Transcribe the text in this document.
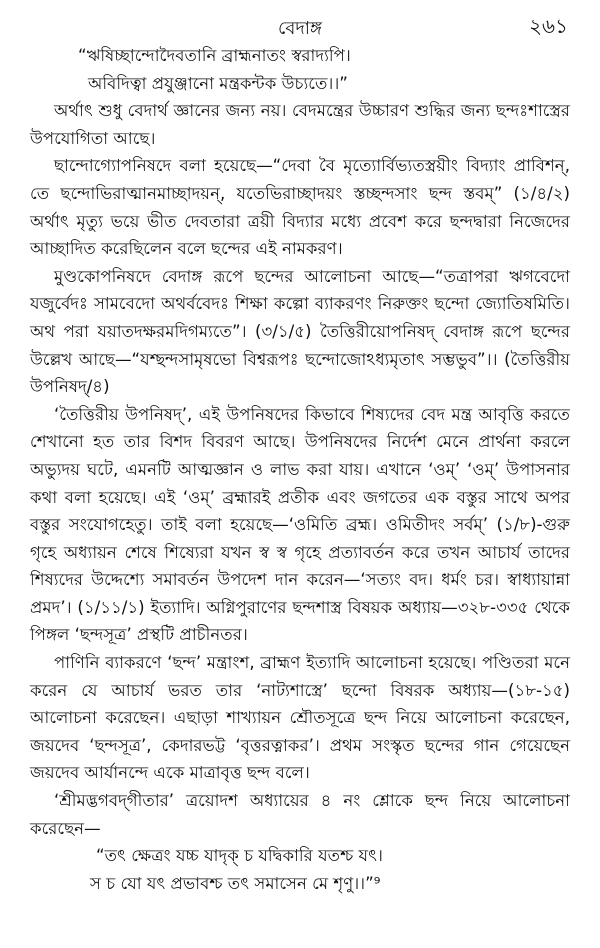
বেদাঙ্গ	২৬১

“ঋষিচ্ছান্দোদৈবতানি ব্রাহ্মনাতং স্বরাদ্যপি।

অবিদিত্বা প্রযুঞ্জানো মন্ত্রকন্টক উচ্যতে।।”

অর্থাৎ শুধু বেদার্থ জ্ঞানের জন্য নয়। বেদমন্ত্রের উচ্চারণ শুদ্ধির জন্য ছন্দঃশাস্ত্রের উপযোগিতা আছে।

ছান্দোগ্যোপনিষদে বলা হয়েছে—“দেবা বৈ মৃত্যোর্বিভ্যতস্ত্রয়ীং বিদ্যাং প্রাবিশন্‌, তে ছন্দোভিরাত্মানমাচ্ছাদয়ন্‌, যতেভিরাচ্ছাদয়ং স্তচ্ছন্দসাং ছন্দ স্তবম্” (১/৪/২) অর্থাৎ মৃত্যু ভয়ে ভীত দেবতারা ত্রয়ী বিদ্যার মধ্যে প্রবেশ করে ছন্দদ্বারা নিজেদের আচ্ছাদিত করেছিলেন বলে ছন্দের এই নামকরণ।

মুণ্ডকোপনিষদে বেদাঙ্গ রূপে ছন্দের আলোচনা আছে—“তত্রাপরা ঋগবেদো যজুর্বেদঃ সামবেদো অথর্ববেদঃ শিক্ষা কল্পো ব্যাকরণং নিরুক্তং ছন্দো জ্যোতিষমিতি। অথ পরা যয়াতদক্ষরমদিগম্যতে”। (৩/১/৫) তৈত্তিরীয়োপনিষদ্‌ বেদাঙ্গ রূপে ছন্দের উল্লেখ আছে—“যশ্ছন্দসামৃষভো বিশ্বরূপঃ ছন্দোজোঽধ্যমৃতাৎ সম্ভভুব”।। (তৈত্তিরীয় উপনিষদ্‌/৪)

‘তৈত্তিরীয় উপনিষদ্’, এই উপনিষদের কিভাবে শিষ্যদের বেদ মন্ত্র আবৃত্তি করতে শেখানো হত তার বিশদ বিবরণ আছে। উপনিষদের নির্দেশ মেনে প্রার্থনা করলে অভ্যুদয় ঘটে, এমনটি আত্মজ্ঞান ও লাভ করা যায়। এখানে ‘ওম্’ ‘ওম্’ উপাসনার কথা বলা হয়েছে। এই ‘ওম্’ ব্রহ্মারই প্রতীক এবং জগতের এক বস্তুর সাথে অপর বস্তুর সংযোগহেতু। তাই বলা হয়েছে—‘ওমিতি ব্রহ্ম। ওমিতীদং সর্বম্’ (১/৮)-গুরু গৃহে অধ্যায়ন শেষে শিষ্যেরা যখন স্ব স্ব গৃহে প্রত্যাবর্তন করে তখন আচার্য তাদের শিষ্যদের উদ্দেশ্যে সমাবর্তন উপদেশ দান করেন—‘সত্যং বদ। ধর্মং চর। স্বাধ্যায়ান্না প্রমদ’। (১/১১/১) ইত্যাদি। অগ্নিপুরাণের ছন্দশাস্ত্র বিষয়ক অধ্যায়—৩২৮-৩৩৫ থেকে পিঙ্গল ‘ছন্দসূত্র’ প্রস্থটি প্রাচীনতর।

পাণিনি ব্যাকরণে ‘ছন্দ’ মন্ত্রাংশ, ব্রাহ্মণ ইত্যাদি আলোচনা হয়েছে। পণ্ডিতরা মনে করেন যে আচার্য ভরত তার ‘নাট্যশাস্ত্রে’ ছন্দো বিষরক অধ্যায়—(১৮-১৫) আলোচনা করেছেন। এছাড়া শাখ্যায়ন শ্রৌতসূত্রে ছন্দ নিয়ে আলোচনা করেছেন, জয়দেব ‘ছন্দসূত্র’, কেদারভট্ট ‘বৃত্তরত্নাকর’। প্রথম সংস্কৃত ছন্দের গান গেয়েছেন জয়দেব আর্যানন্দে একে মাত্রাবৃত্ত ছন্দ বলে।

‘শ্রীমদ্ভগবদ্‌গীতার’ ত্রয়োদশ অধ্যায়ের ৪ নং শ্লোকে ছন্দ নিয়ে আলোচনা করেছেন—

“তৎ ক্ষেত্রং যচ্চ যাদৃক্‌ চ যদ্বিকারি যতশ্চ যৎ।

স চ যো যৎ প্রভাবশ্চ তৎ সমাসেন মে শৃণু।।”⁹
